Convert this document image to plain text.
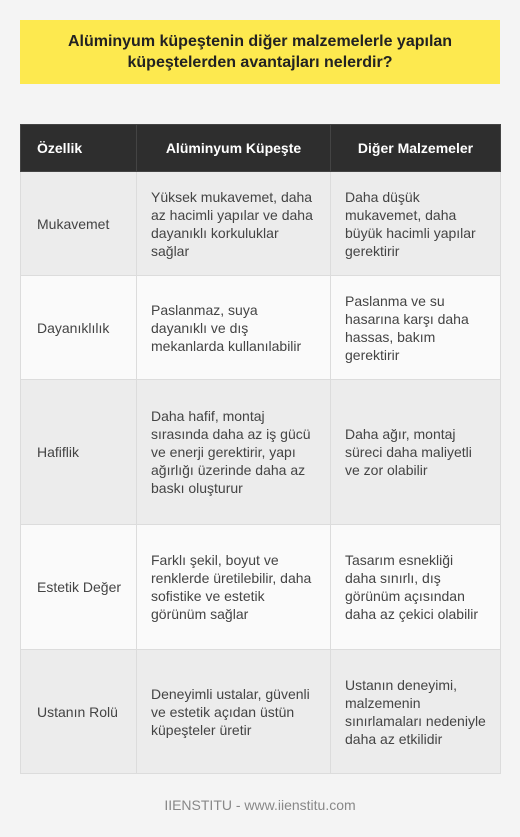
Alüminyum küpeştenin diğer malzemelerle yapılan küpeştelerden avantajları nelerdir?
Özellik	Alüminyum Küpeşte	Diğer Malzemeler
Mukavemet	Yüksek mukavemet, daha az hacimli yapılar ve daha dayanıklı korkuluklar sağlar	Daha düşük mukavemet, daha büyük hacimli yapılar gerektirir
Dayanıklılık	Paslanmaz, suya dayanıklı ve dış mekanlarda kullanılabilir	Paslanma ve su hasarına karşı daha hassas, bakım gerektirir
Hafiflik	Daha hafif, montaj sırasında daha az iş gücü ve enerji gerektirir, yapı ağırlığı üzerinde daha az baskı oluşturur	Daha ağır, montaj süreci daha maliyetli ve zor olabilir
Estetik Değer	Farklı şekil, boyut ve renklerde üretilebilir, daha sofistike ve estetik görünüm sağlar	Tasarım esnekliği daha sınırlı, dış görünüm açısından daha az çekici olabilir
Ustanın Rolü	Deneyimli ustalar, güvenli ve estetik açıdan üstün küpeşteler üretir	Ustanın deneyimi, malzemenin sınırlamaları nedeniyle daha az etkilidir
IIENSTITU - www.iienstitu.com
